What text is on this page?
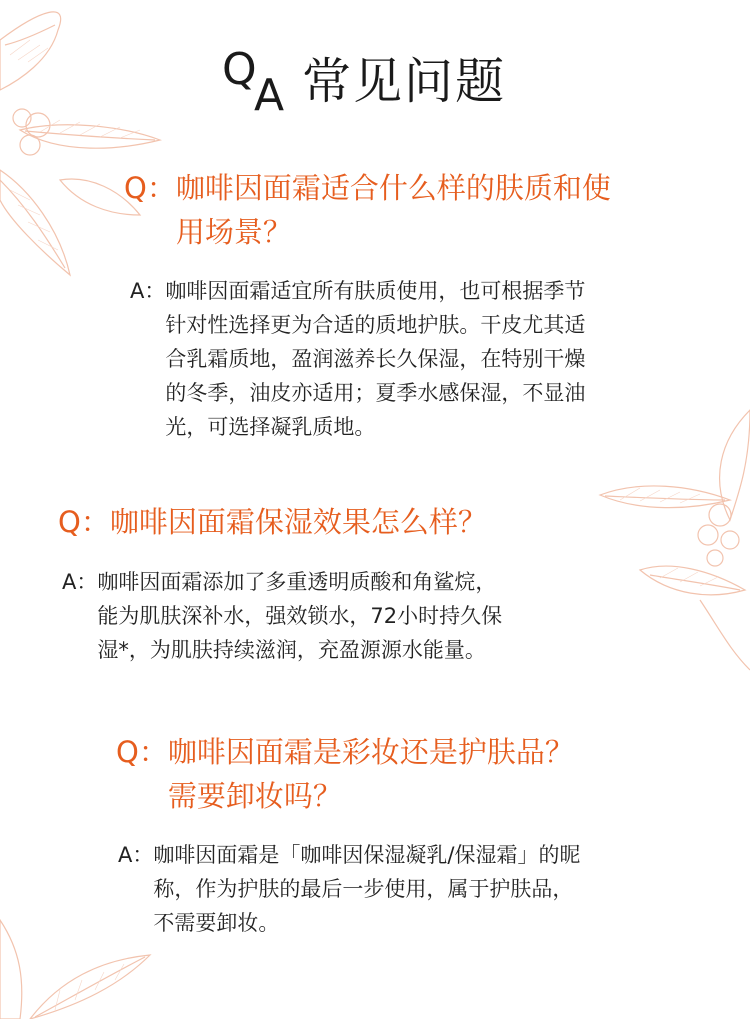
Q
A 常见问题
Q： 咖啡因面霜适合什么样的肤质和使
用场景？
A： 咖啡因面霜适宜所有肤质使用，也可根据季节
针对性选择更为合适的质地护肤。干皮尤其适
合乳霜质地，盈润滋养长久保湿，在特别干燥
的冬季，油皮亦适用；夏季水感保湿，不显油
光，可选择凝乳质地。
Q： 咖啡因面霜保湿效果怎么样？
A： 咖啡因面霜添加了多重透明质酸和角鲨烷，
能为肌肤深补水，强效锁水，72小时持久保
湿*，为肌肤持续滋润，充盈源源水能量。
Q： 咖啡因面霜是彩妆还是护肤品？
需要卸妆吗？
A： 咖啡因面霜是「咖啡因保湿凝乳/保湿霜」的昵
称，作为护肤的最后一步使用，属于护肤品，
不需要卸妆。
